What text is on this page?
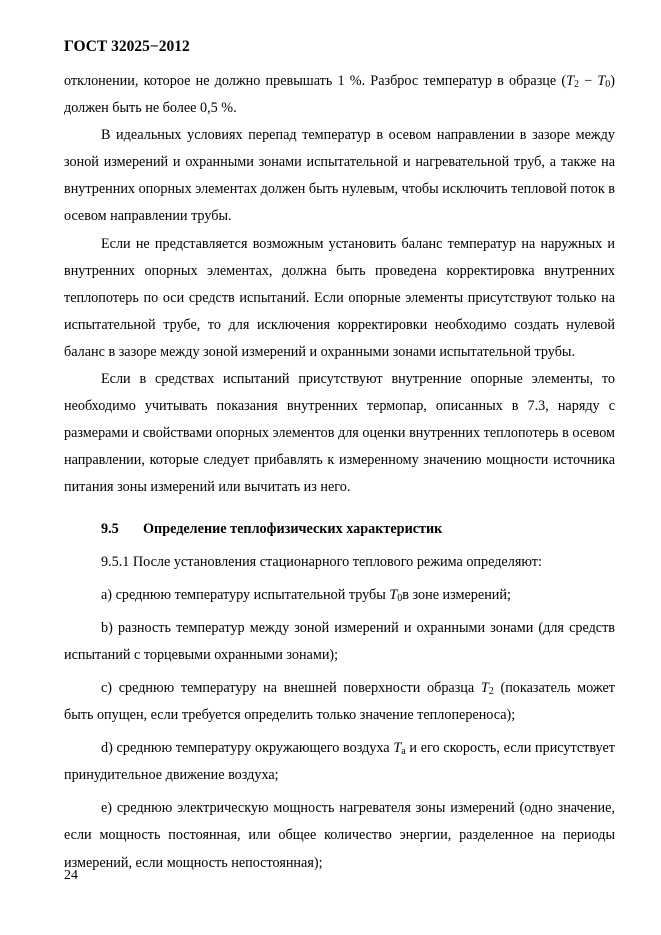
ГОСТ 32025−2012

отклонении, которое не должно превышать 1 %. Разброс температур в образце $(T_2 - T_0)$ должен быть не более 0,5 %.

В идеальных условиях перепад температур в осевом направлении в зазоре между зоной измерений и охранными зонами испытательной и нагревательной труб, а также на внутренних опорных элементах должен быть нулевым, чтобы исключить тепловой поток в осевом направлении трубы.

Если не представляется возможным установить баланс температур на наружных и внутренних опорных элементах, должна быть проведена корректировка внутренних теплопотерь по оси средств испытаний. Если опорные элементы присутствуют только на испытательной трубе, то для исключения корректировки необходимо создать нулевой баланс в зазоре между зоной измерений и охранными зонами испытательной трубы.

Если в средствах испытаний присутствуют внутренние опорные элементы, то необходимо учитывать показания внутренних термопар, описанных в 7.3, наряду с размерами и свойствами опорных элементов для оценки внутренних теплопотерь в осевом направлении, которые следует прибавлять к измеренному значению мощности источника питания зоны измерений или вычитать из него.

9.5 Определение теплофизических характеристик

9.5.1 После установления стационарного теплового режима определяют:

а) среднюю температуру испытательной трубы $T_0в$ зоне измерений;

b) разность температур между зоной измерений и охранными зонами (для средств испытаний с торцевыми охранными зонами);

с) среднюю температуру на внешней поверхности образца $T_2$ (показатель может быть опущен, если требуется определить только значение теплопереноса);

d) среднюю температуру окружающего воздуха $T_a$ и его скорость, если присутствует принудительное движение воздуха;

е) среднюю электрическую мощность нагревателя зоны измерений (одно значение, если мощность постоянная, или общее количество энергии, разделенное на периоды измерений, если мощность непостоянная);

24
